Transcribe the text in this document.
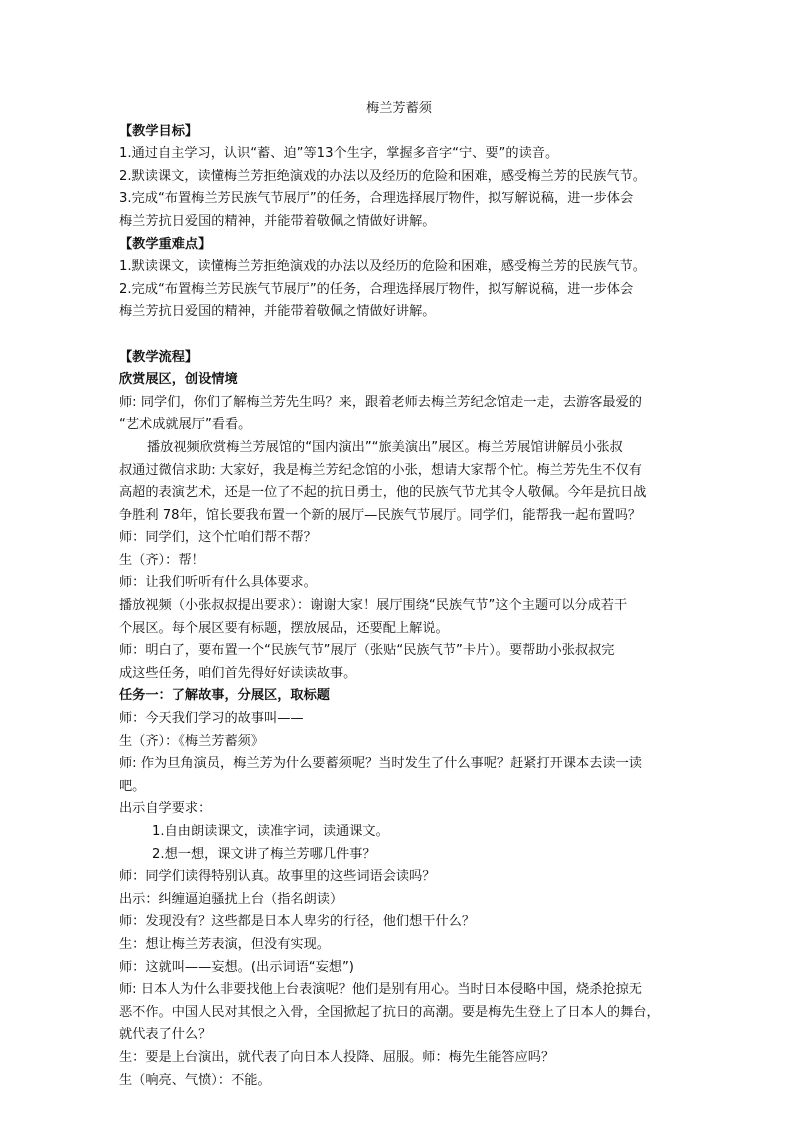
梅兰芳蓄须
【教学目标】
1.通过自主学习，认识“蓄、迫”等13个生字，掌握多音字“宁、要”的读音。
2.默读课文，读懂梅兰芳拒绝演戏的办法以及经历的危险和困难，感受梅兰芳的民族气节。
3.完成“布置梅兰芳民族气节展厅”的任务，合理选择展厅物件，拟写解说稿，进一步体会
梅兰芳抗日爱国的精神，并能带着敬佩之情做好讲解。
【教学重难点】
1.默读课文，读懂梅兰芳拒绝演戏的办法以及经历的危险和困难，感受梅兰芳的民族气节。
2.完成“布置梅兰芳民族气节展厅”的任务，合理选择展厅物件，拟写解说稿，进一步体会
梅兰芳抗日爱国的精神，并能带着敬佩之情做好讲解。
【教学流程】
欣赏展区，创设情境
师: 同学们，你们了解梅兰芳先生吗？来，跟着老师去梅兰芳纪念馆走一走，去游客最爱的
“艺术成就展厅”看看。
播放视频欣赏梅兰芳展馆的“国内演出”“旅美演出”展区。梅兰芳展馆讲解员小张叔
叔通过微信求助: 大家好，我是梅兰芳纪念馆的小张，想请大家帮个忙。梅兰芳先生不仅有
高超的表演艺术，还是一位了不起的抗日勇士，他的民族气节尤其令人敬佩。今年是抗日战
争胜利 78年，馆长要我布置一个新的展厅—民族气节展厅。同学们，能帮我一起布置吗？
师：同学们，这个忙咱们帮不帮？
生（齐）：帮！
师：让我们听听有什么具体要求。
播放视频（小张叔叔提出要求）：谢谢大家！展厅围绕“民族气节”这个主题可以分成若干
个展区。每个展区要有标题，摆放展品，还要配上解说。
师：明白了，要布置一个“民族气节”展厅（张贴“民族气节”卡片）。要帮助小张叔叔完
成这些任务，咱们首先得好好读读故事。
任务一：了解故事，分展区，取标题
师：今天我们学习的故事叫——
生（齐）：《梅兰芳蓄须》
师: 作为旦角演员，梅兰芳为什么要蓄须呢？当时发生了什么事呢？赶紧打开课本去读一读
吧。
出示自学要求：
1.自由朗读课文，读准字词，读通课文。
2.想一想，课文讲了梅兰芳哪几件事？
师：同学们读得特别认真。故事里的这些词语会读吗？
出示：纠缠逼迫骚扰上台（指名朗读）
师：发现没有？这些都是日本人卑劣的行径，他们想干什么？
生：想让梅兰芳表演，但没有实现。
师：这就叫——妄想。(出示词语“妄想”)
师: 日本人为什么非要找他上台表演呢？他们是别有用心。当时日本侵略中国，烧杀抢掠无
恶不作。中国人民对其恨之入骨，全国掀起了抗日的高潮。要是梅先生登上了日本人的舞台，
就代表了什么？
生：要是上台演出，就代表了向日本人投降、屈服。师：梅先生能答应吗？
生（响亮、气愤）：不能。
